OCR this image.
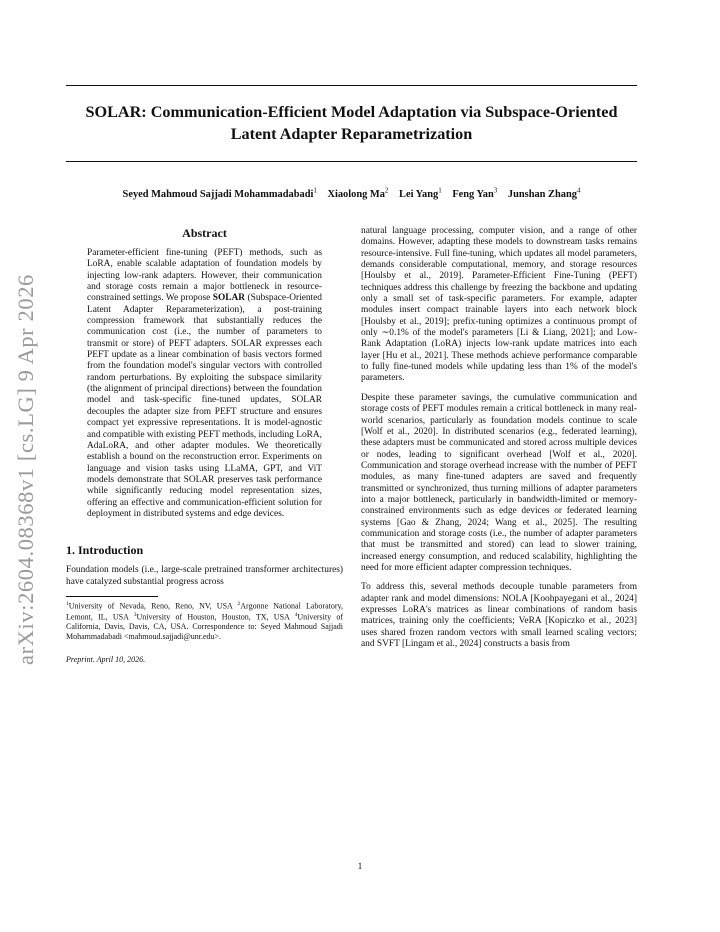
arXiv:2604.08368v1 [cs.LG] 9 Apr 2026
SOLAR: Communication-Efficient Model Adaptation via Subspace-Oriented Latent Adapter Reparametrization
Seyed Mahmoud Sajjadi Mohammadabadi$^1$ Xiaolong Ma$^2$ Lei Yang$^1$ Feng Yan$^3$ Junshan Zhang$^4$
Abstract
Parameter-efficient fine-tuning (PEFT) methods, such as LoRA, enable scalable adaptation of foundation models by injecting low-rank adapters. However, their communication and storage costs remain a major bottleneck in resource-constrained settings. We propose SOLAR (Subspace-Oriented Latent Adapter Reparameterization), a post-training compression framework that substantially reduces the communication cost (i.e., the number of parameters to transmit or store) of PEFT adapters. SOLAR expresses each PEFT update as a linear combination of basis vectors formed from the foundation model's singular vectors with controlled random perturbations. By exploiting the subspace similarity (the alignment of principal directions) between the foundation model and task-specific fine-tuned updates, SOLAR decouples the adapter size from PEFT structure and ensures compact yet expressive representations. It is model-agnostic and compatible with existing PEFT methods, including LoRA, AdaLoRA, and other adapter modules. We theoretically establish a bound on the reconstruction error. Experiments on language and vision tasks using LLaMA, GPT, and ViT models demonstrate that SOLAR preserves task performance while significantly reducing model representation sizes, offering an effective and communication-efficient solution for deployment in distributed systems and edge devices.
1. Introduction
Foundation models (i.e., large-scale pretrained transformer architectures) have catalyzed substantial progress across
$^1$University of Nevada, Reno, Reno, NV, USA $^2$Argonne National Laboratory, Lemont, IL, USA $^3$University of Houston, Houston, TX, USA $^4$University of California, Davis, Davis, CA, USA. Correspondence to: Seyed Mahmoud Sajjadi Mohammadabadi <mahmoud.sajjadi@unr.edu>.
Preprint. April 10, 2026.
natural language processing, computer vision, and a range of other domains. However, adapting these models to downstream tasks remains resource-intensive. Full fine-tuning, which updates all model parameters, demands considerable computational, memory, and storage resources [Houlsby et al., 2019]. Parameter-Efficient Fine-Tuning (PEFT) techniques address this challenge by freezing the backbone and updating only a small set of task-specific parameters. For example, adapter modules insert compact trainable layers into each network block [Houlsby et al., 2019]; prefix-tuning optimizes a continuous prompt of only ∼0.1% of the model's parameters [Li & Liang, 2021]; and Low-Rank Adaptation (LoRA) injects low-rank update matrices into each layer [Hu et al., 2021]. These methods achieve performance comparable to fully fine-tuned models while updating less than 1% of the model's parameters.
Despite these parameter savings, the cumulative communication and storage costs of PEFT modules remain a critical bottleneck in many real-world scenarios, particularly as foundation models continue to scale [Wolf et al., 2020]. In distributed scenarios (e.g., federated learning), these adapters must be communicated and stored across multiple devices or nodes, leading to significant overhead [Wolf et al., 2020]. Communication and storage overhead increase with the number of PEFT modules, as many fine-tuned adapters are saved and frequently transmitted or synchronized, thus turning millions of adapter parameters into a major bottleneck, particularly in bandwidth-limited or memory-constrained environments such as edge devices or federated learning systems [Gao & Zhang, 2024; Wang et al., 2025]. The resulting communication and storage costs (i.e., the number of adapter parameters that must be transmitted and stored) can lead to slower training, increased energy consumption, and reduced scalability, highlighting the need for more efficient adapter compression techniques.
To address this, several methods decouple tunable parameters from adapter rank and model dimensions: NOLA [Koohpayegani et al., 2024] expresses LoRA's matrices as linear combinations of random basis matrices, training only the coefficients; VeRA [Kopiczko et al., 2023] uses shared frozen random vectors with small learned scaling vectors; and SVFT [Lingam et al., 2024] constructs a basis from
1
